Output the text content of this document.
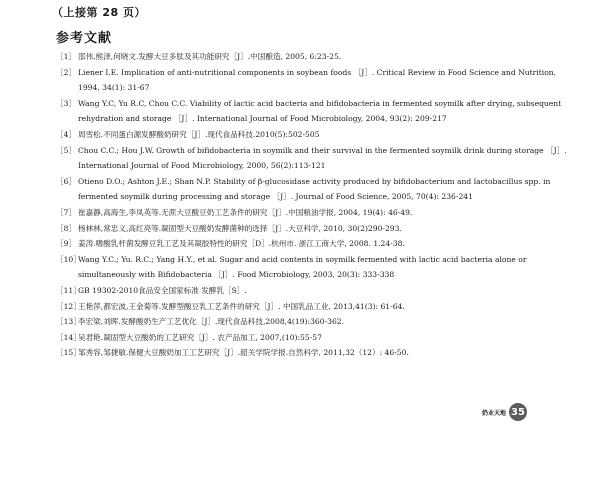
（上接第 28 页）
参考文献
［1］ 邵伟,熊泽,何晓文.发酵大豆多肽及其功能研究［J］.中国酿造, 2005, 6:23-25.
［2］ Liener I.E. Implication of anti-nutritional components in soybean foods ［J］. Critical Review in Food Science and Nutrition, 1994, 34(1): 31-67
［3］ Wang Y.C, Yu R.C, Chou C.C. Viability of lactic acid bacteria and bifidobacteria in fermented soymilk after drying, subsequent rehydration and storage ［J］. International Journal of Food Microbiology, 2004, 93(2): 209-217
［4］ 周雪松.不同蛋白源发酵酸奶研究［J］.现代食品科技.2010(5):502-505
［5］ Chou C.C.; Hou J.W. Growth of bifidobacteria in soymilk and their survival in the fermented soymilk drink during storage ［J］. International Journal of Food Microbiology, 2000, 56(2):113-121
［6］ Otieno D.O.; Ashton J.E.; Shan N.P. Stability of β-glucosidase activity produced by bifidobacterium and lactobacillus spp. in fermented soymilk during processing and storage ［J］. Journal of Food Science, 2005, 70(4): 236-241
［7］ 崔嘉静,高海生,李凤英等.无蔗大豆酸豆奶工艺条件的研究［J］.中国粮油学报, 2004, 19(4): 46-49.
［8］ 杨林林,常忠义,高红亮等.凝固型大豆酸奶发酵菌种的选择［J］.大豆科学, 2010, 30(2)290-293.
［9］ 姜涛.嗜酸乳杆菌发酵豆乳工艺及其凝胶特性的研究［D］.杭州市. 浙江工商大学, 2008. 1.24-38.
［10］
Wang Y.C.; Yu. R.C.; Yang H.Y., et al. Sugar and acid contents in soymilk fermented with lactic acid bacteria alone or simultaneously with Bifidobacteria ［J］. Food Microbiology, 2003, 20(3): 333-338
［11］
GB 19302-2010食品安全国家标准 发酵乳［S］.
［12］
王艳萍,都宏波,王金菊等.发酵型酸豆乳工艺条件的研究［J］. 中国乳品工业, 2013,41(3): 61-64.
［13］
李宏梁,刘晖.发酵酸奶生产工艺优化［J］.现代食品科技,2008,4(19):360-362.
［14］
吴君艳.凝固型大豆酸奶的工艺研究［J］. 农产品加工, 2007,(10):55-57
［15］
邹秀容,邹捷敏.保健大豆酸奶加工工艺研究［J］.韶关学院学报.自然科学, 2011,32（12）: 46-50.
奶业天地 35
